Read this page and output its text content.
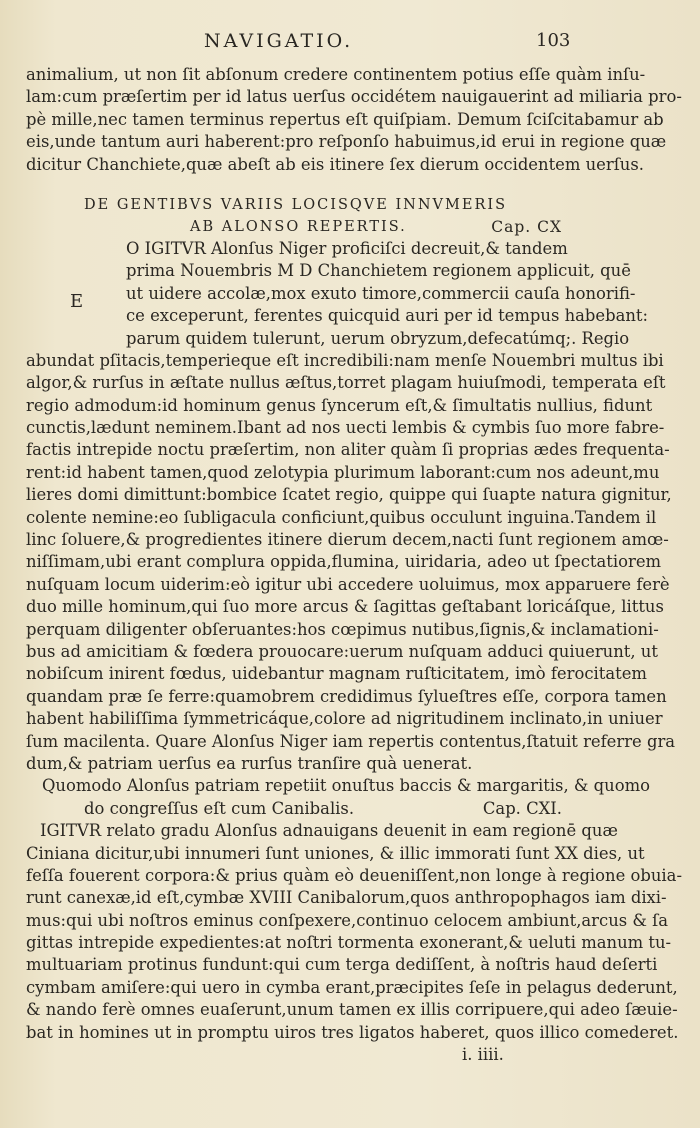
NAVIGATIO.	103
animalium, ut non ſit abſonum credere continentem potius eſſe quàm inſu-
lam:cum præſertim per id latus uerſus occidétem nauigauerint ad miliaria pro-
pè mille,nec tamen terminus repertus eſt quiſpiam. Demum ſciſcitabamur ab
eis,unde tantum auri haberent:pro reſponſo habuimus,id erui in regione quæ
dicitur Chanchiete,quæ abeſt ab eis itinere ſex dierum occidentem uerſus.
DE GENTIBVS VARIIS LOCISQVE INNVMERIS
AB ALONSO REPERTIS.	Cap. CX
E
O IGITVR Alonſus Niger proficiſci decreuit,& tandem
prima Nouembris M D Chanchietem regionem applicuit, quē
ut uidere accolæ,mox exuto timore,commercii cauſa honorifi-
ce exceperunt, ferentes quicquid auri per id tempus habebant:
parum quidem tulerunt, uerum obryzum,defecatúmq;. Regio
abundat pſitacis,temperieque eſt incredibili:nam menſe Nouembri multus ibi
algor,& rurſus in æſtate nullus æſtus,torret plagam huiuſmodi, temperata eſt
regio admodum:id hominum genus ſyncerum eſt,& ſimultatis nullius, fidunt
cunctis,lædunt neminem.Ibant ad nos uecti lembis & cymbis ſuo more fabre-
factis intrepide noctu præſertim, non aliter quàm ſi proprias ædes frequenta-
rent:id habent tamen,quod zelotypia plurimum laborant:cum nos adeunt,mu
lieres domi dimittunt:bombice ſcatet regio, quippe qui ſuapte natura gignitur,
colente nemine:eo ſubligacula conficiunt,quibus occulunt inguina.Tandem il
linc ſoluere,& progredientes itinere dierum decem,nacti ſunt regionem amœ-
niſſimam,ubi erant complura oppida,flumina, uiridaria, adeo ut ſpectatiorem
nuſquam locum uiderim:eò igitur ubi accedere uoluimus, mox apparuere ferè
duo mille hominum,qui ſuo more arcus & ſagittas geſtabant loricáſque, littus
perquam diligenter obſeruantes:hos cœpimus nutibus,ſignis,& inclamationi-
bus ad amicitiam & fœdera prouocare:uerum nuſquam adduci quiuerunt, ut
nobiſcum inirent fœdus, uidebantur magnam ruſticitatem, imò ferocitatem
quandam præ ſe ferre:quamobrem credidimus ſylueſtres eſſe, corpora tamen
habent habiliſſima ſymmetricáque,colore ad nigritudinem inclinato,in uniuer
ſum macilenta. Quare Alonſus Niger iam repertis contentus,ſtatuit referre gra
dum,& patriam uerſus ea rurſus tranſire quà uenerat.
Quomodo Alonſus patriam repetiit onuſtus baccis & margaritis, & quomo
do congreſſus eſt cum Canibalis.	Cap. CXI.
IGITVR relato gradu Alonſus adnauigans deuenit in eam regionē quæ
Ciniana dicitur,ubi innumeri ſunt uniones, & illic immorati ſunt XX dies, ut
feſſa fouerent corpora:& prius quàm eò deueniſſent,non longe à regione obuia-
runt canexæ,id eſt,cymbæ XVIII Canibalorum,quos anthropophagos iam dixi-
mus:qui ubi noſtros eminus conſpexere,continuo celocem ambiunt,arcus & ſa
gittas intrepide expedientes:at noſtri tormenta exonerant,& ueluti manum tu-
multuariam protinus fundunt:qui cum terga dediſſent, à noſtris haud deſerti
cymbam amiſere:qui uero in cymba erant,præcipites ſeſe in pelagus dederunt,
& nando ferè omnes euaſerunt,unum tamen ex illis corripuere,qui adeo ſæuie-
bat in homines ut in promptu uiros tres ligatos haberet, quos illico comederet.
i. iiii.
